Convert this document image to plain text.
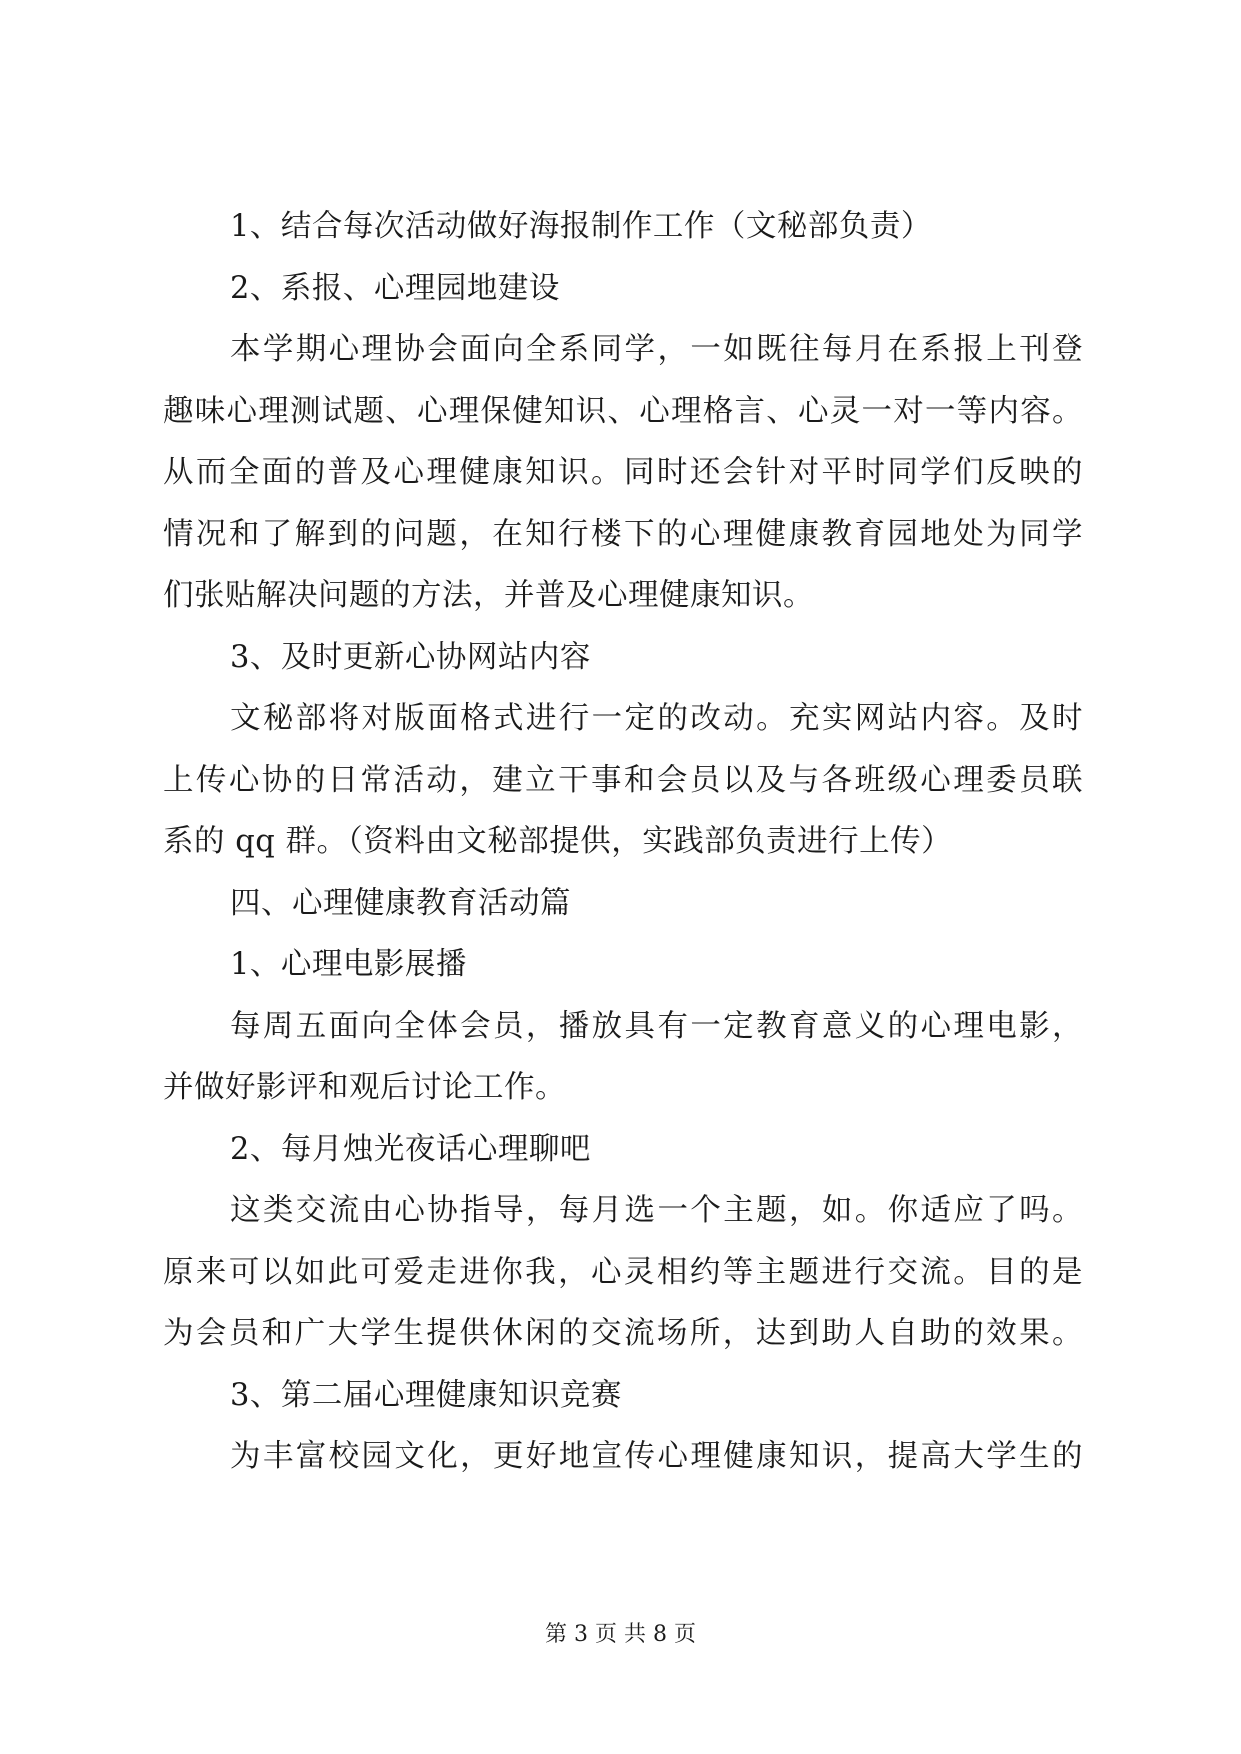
1、结合每次活动做好海报制作工作（文秘部负责）
2、系报、心理园地建设
本学期心理协会面向全系同学，一如既往每月在系报上刊登
趣味心理测试题、心理保健知识、心理格言、心灵一对一等内容。
从而全面的普及心理健康知识。同时还会针对平时同学们反映的
情况和了解到的问题，在知行楼下的心理健康教育园地处为同学
们张贴解决问题的方法，并普及心理健康知识。
3、及时更新心协网站内容
文秘部将对版面格式进行一定的改动。充实网站内容。及时
上传心协的日常活动，建立干事和会员以及与各班级心理委员联
系的 qq 群。（资料由文秘部提供，实践部负责进行上传）
四、心理健康教育活动篇
1、心理电影展播
每周五面向全体会员，播放具有一定教育意义的心理电影，
并做好影评和观后讨论工作。
2、每月烛光夜话心理聊吧
这类交流由心协指导，每月选一个主题，如。你适应了吗。
原来可以如此可爱走进你我，心灵相约等主题进行交流。目的是
为会员和广大学生提供休闲的交流场所，达到助人自助的效果。
3、第二届心理健康知识竞赛
为丰富校园文化，更好地宣传心理健康知识，提高大学生的
第 3 页 共 8 页
